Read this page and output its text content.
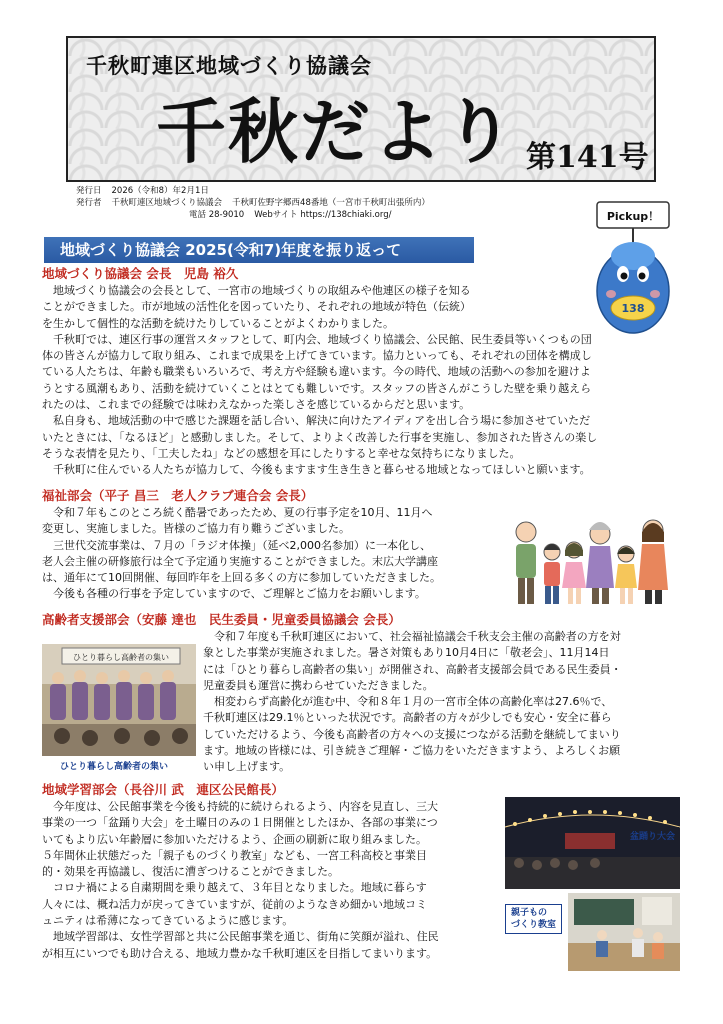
千秋町連区地域づくり協議会
千秋だより 第141号
発行日 2026（令和8）年2月1日
発行者 千秋町連区地域づくり協議会 千秋町佐野字郷西48番地（一宮市千秋町出張所内）
電話 28-9010 Webサイト https://138chiaki.org/	Pickup！
138
地域づくり協議会 2025(令和7)年度を振り返って
地域づくり協議会 会長　児島 裕久

地域づくり協議会の会長として、一宮市の地域づくりの取組みや他連区の様子を知る

ことができました。市が地域の活性化を図っていたり、それぞれの地域が特色（伝統）

を生かして個性的な活動を続けたりしていることがよくわかりました。

千秋町では、連区行事の運営スタッフとして、町内会、地域づくり協議会、公民館、民生委員等いくつもの団

体の皆さんが協力して取り組み、これまで成果を上げてきています。協力といっても、それぞれの団体を構成し

ている人たちは、年齢も職業もいろいろで、考え方や経験も違います。今の時代、地域の活動への参加を避けよ

うとする風潮もあり、活動を続けていくことはとても難しいです。スタッフの皆さんがこうした壁を乗り越えら

れたのは、これまでの経験では味わえなかった楽しさを感じているからだと思います。

私自身も、地域活動の中で感じた課題を話し合い、解決に向けたアイディアを出し合う場に参加させていただ

いたときには、「なるほど」と感動しました。そして、よりよく改善した行事を実施し、参加された皆さんの楽し

そうな表情を見たり、「工夫したね」などの感想を耳にしたりすると幸せな気持ちになりました。

千秋町に住んでいる人たちが協力して、今後もますます生き生きと暮らせる地域となってほしいと願います。

福祉部会（平子 昌三　老人クラブ連合会 会長）

令和７年もこのところ続く酷暑であったため、夏の行事予定を10月、11月へ

変更し、実施しました。皆様のご協力有り難うございました。

三世代交流事業は、７月の「ラジオ体操」（延べ2,000名参加）に一本化し、

老人会主催の研修旅行は全て予定通り実施することができました。末広大学講座

は、通年にて10回開催、毎回昨年を上回る多くの方に参加していただきました。

今後も各種の行事を予定していますので、ご理解とご協力をお願いします。

高齢者支援部会（安藤 達也　民生委員・児童委員協議会 会長）
ひとり暮らし高齢者の集い
ひとり暮らし高齢者の集い

令和７年度も千秋町連区において、社会福祉協議会千秋支会主催の高齢者の方を対

象とした事業が実施されました。暑さ対策もあり10月4日に「敬老会」、11月14日

には「ひとり暮らし高齢者の集い」が開催され、高齢者支援部会員である民生委員・

児童委員も運営に携わらせていただきました。

相変わらず高齢化が進む中、令和８年１月の一宮市全体の高齢化率は27.6％で、

千秋町連区は29.1％といった状況です。高齢者の方々が少しでも安心・安全に暮ら

していただけるよう、今後も高齢者の方々への支援につながる活動を継続してまいり

ます。地域の皆様には、引き続きご理解・ご協力をいただきますよう、よろしくお願

い申し上げます。

地域学習部会（長谷川 武　連区公民館長）

今年度は、公民館事業を今後も持続的に続けられるよう、内容を見直し、三大

事業の一つ「盆踊り大会」を土曜日のみの１日開催としたほか、各部の事業につ

いてもより広い年齢層に参加いただけるよう、企画の刷新に取り組みました。

５年間休止状態だった「親子ものづくり教室」なども、一宮工科高校と事業目

的・効果を再協議し、復活に漕ぎつけることができました。

コロナ禍による自粛期間を乗り越えて、３年目となりました。地域に暮らす

人々には、概ね活力が戻ってきていますが、従前のようなきめ細かい地域コミ

ュニティは希薄になってきているように感じます。

地域学習部は、女性学習部と共に公民館事業を通じ、街角に笑顔が溢れ、住民

が相互にいつでも助け合える、地域力豊かな千秋町連区を目指してまいります。

盆踊り大会
親子もの
づくり教室
